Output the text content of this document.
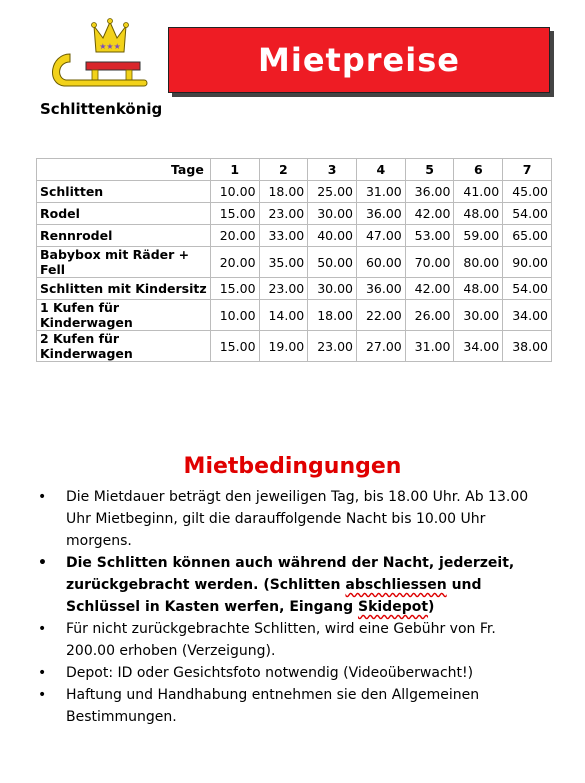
★★★
Schlittenkönig
Mietpreise
Tage	1	2	3	4	5	6	7
Schlitten	10.00	18.00	25.00	31.00	36.00	41.00	45.00
Rodel	15.00	23.00	30.00	36.00	42.00	48.00	54.00
Rennrodel	20.00	33.00	40.00	47.00	53.00	59.00	65.00
Babybox mit Räder + Fell	20.00	35.00	50.00	60.00	70.00	80.00	90.00
Schlitten mit Kindersitz	15.00	23.00	30.00	36.00	42.00	48.00	54.00
1 Kufen für Kinderwagen	10.00	14.00	18.00	22.00	26.00	30.00	34.00
2 Kufen für Kinderwagen	15.00	19.00	23.00	27.00	31.00	34.00	38.00
Mietbedingungen
• Die Mietdauer beträgt den jeweiligen Tag, bis 18.00 Uhr. Ab 13.00 Uhr Mietbeginn, gilt die darauffolgende Nacht bis 10.00 Uhr morgens.
• Die Schlitten können auch während der Nacht, jederzeit, zurückgebracht werden. (Schlitten abschliessen und Schlüssel in Kasten werfen, Eingang Skidepot)
• Für nicht zurückgebrachte Schlitten, wird eine Gebühr von Fr. 200.00 erhoben (Verzeigung).
• Depot: ID oder Gesichtsfoto notwendig (Videoüberwacht!)
• Haftung und Handhabung entnehmen sie den Allgemeinen Bestimmungen.
